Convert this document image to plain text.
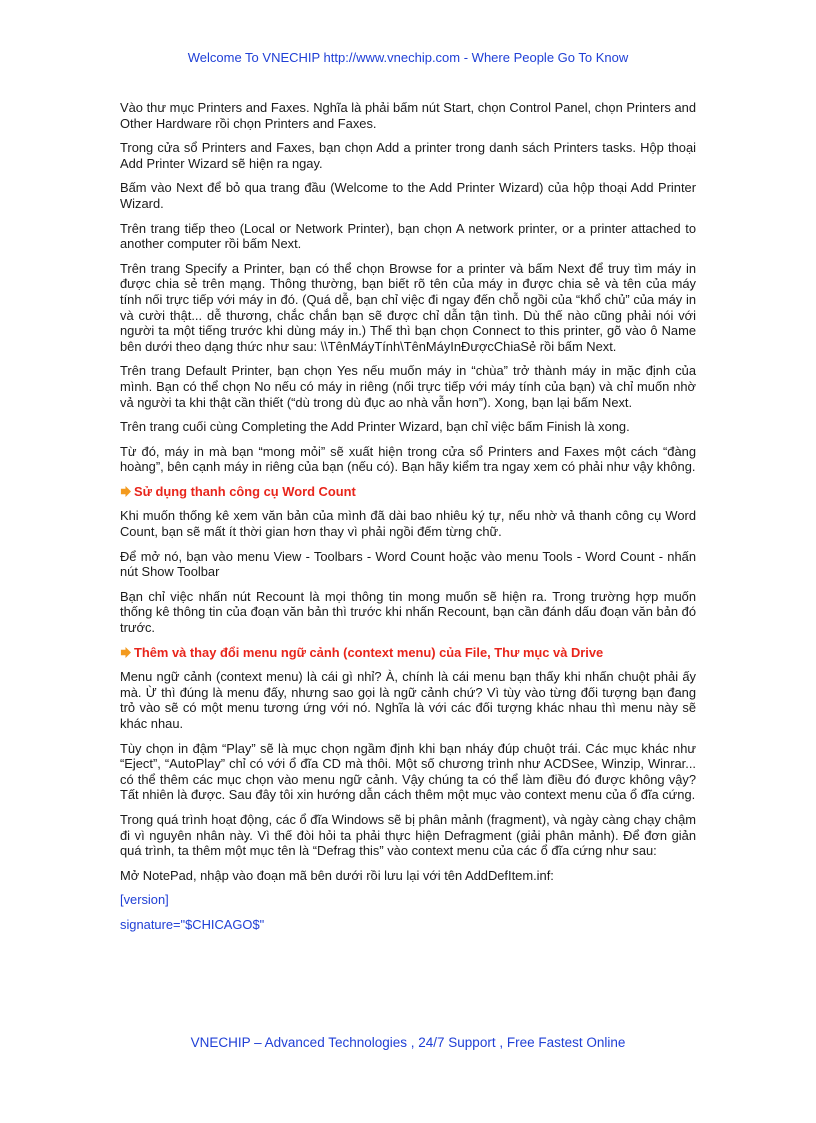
Welcome To VNECHIP http://www.vnechip.com - Where People Go To Know

Vào thư mục Printers and Faxes. Nghĩa là phải bấm nút Start, chọn Control Panel, chọn Printers and Other Hardware rồi chọn Printers and Faxes.

Trong cửa sổ Printers and Faxes, bạn chọn Add a printer trong danh sách Printers tasks. Hộp thoại Add Printer Wizard sẽ hiện ra ngay.

Bấm vào Next để bỏ qua trang đầu (Welcome to the Add Printer Wizard) của hộp thoại Add Printer Wizard.

Trên trang tiếp theo (Local or Network Printer), bạn chọn A network printer, or a printer attached to another computer rồi bấm Next.

Trên trang Specify a Printer, bạn có thể chọn Browse for a printer và bấm Next để truy tìm máy in được chia sẻ trên mạng. Thông thường, bạn biết rõ tên của máy in được chia sẻ và tên của máy tính nối trực tiếp với máy in đó. (Quá dễ, bạn chỉ việc đi ngay đến chỗ ngồi của “khổ chủ” của máy in và cười thật... dễ thương, chắc chắn bạn sẽ được chỉ dẫn tận tình. Dù thế nào cũng phải nói với người ta một tiếng trước khi dùng máy in.) Thế thì bạn chọn Connect to this printer, gõ vào ô Name bên dưới theo dạng thức như sau: \\TênMáyTính\TênMáyInĐượcChiaSẻ rồi bấm Next.

Trên trang Default Printer, bạn chọn Yes nếu muốn máy in “chùa” trở thành máy in mặc định của mình. Bạn có thể chọn No nếu có máy in riêng (nối trực tiếp với máy tính của bạn) và chỉ muốn nhờ vả người ta khi thật cần thiết (“dù trong dù đục ao nhà vẫn hơn”). Xong, bạn lại bấm Next.

Trên trang cuối cùng Completing the Add Printer Wizard, bạn chỉ việc bấm Finish là xong.

Từ đó, máy in mà bạn “mong mỏi” sẽ xuất hiện trong cửa sổ Printers and Faxes một cách “đàng hoàng”, bên cạnh máy in riêng của bạn (nếu có). Bạn hãy kiểm tra ngay xem có phải như vậy không.

Sử dụng thanh công cụ Word Count

Khi muốn thống kê xem văn bản của mình đã dài bao nhiêu ký tự, nếu nhờ vả thanh công cụ Word Count, bạn sẽ mất ít thời gian hơn thay vì phải ngồi đếm từng chữ.

Để mở nó, bạn vào menu View - Toolbars - Word Count hoặc vào menu Tools - Word Count - nhấn nút Show Toolbar

Bạn chỉ việc nhấn nút Recount là mọi thông tin mong muốn sẽ hiện ra. Trong trường hợp muốn thống kê thông tin của đoạn văn bản thì trước khi nhấn Recount, bạn cần đánh dấu đoạn văn bản đó trước.

Thêm và thay đổi menu ngữ cảnh (context menu) của File, Thư mục và Drive

Menu ngữ cảnh (context menu) là cái gì nhỉ? À, chính là cái menu bạn thấy khi nhấn chuột phải ấy mà. Ừ thì đúng là menu đấy, nhưng sao gọi là ngữ cảnh chứ? Vì tùy vào từng đối tượng bạn đang trỏ vào sẽ có một menu tương ứng với nó. Nghĩa là với các đối tượng khác nhau thì menu này sẽ khác nhau.

Tùy chọn in đậm “Play” sẽ là mục chọn ngầm định khi bạn nháy đúp chuột trái. Các mục khác như “Eject”, “AutoPlay” chỉ có với ổ đĩa CD mà thôi. Một số chương trình như ACDSee, Winzip, Winrar... có thể thêm các mục chọn vào menu ngữ cảnh. Vậy chúng ta có thể làm điều đó được không vậy? Tất nhiên là được. Sau đây tôi xin hướng dẫn cách thêm một mục vào context menu của ổ đĩa cứng.

Trong quá trình hoạt động, các ổ đĩa Windows sẽ bị phân mảnh (fragment), và ngày càng chạy chậm đi vì nguyên nhân này. Vì thế đòi hỏi ta phải thực hiện Defragment (giải phân mảnh). Để đơn giản quá trình, ta thêm một mục tên là “Defrag this” vào context menu của các ổ đĩa cứng như sau:

Mở NotePad, nhập vào đoạn mã bên dưới rồi lưu lại với tên AddDefItem.inf:

[version]

signature="$CHICAGO$"

VNECHIP – Advanced Technologies , 24/7 Support , Free Fastest Online
